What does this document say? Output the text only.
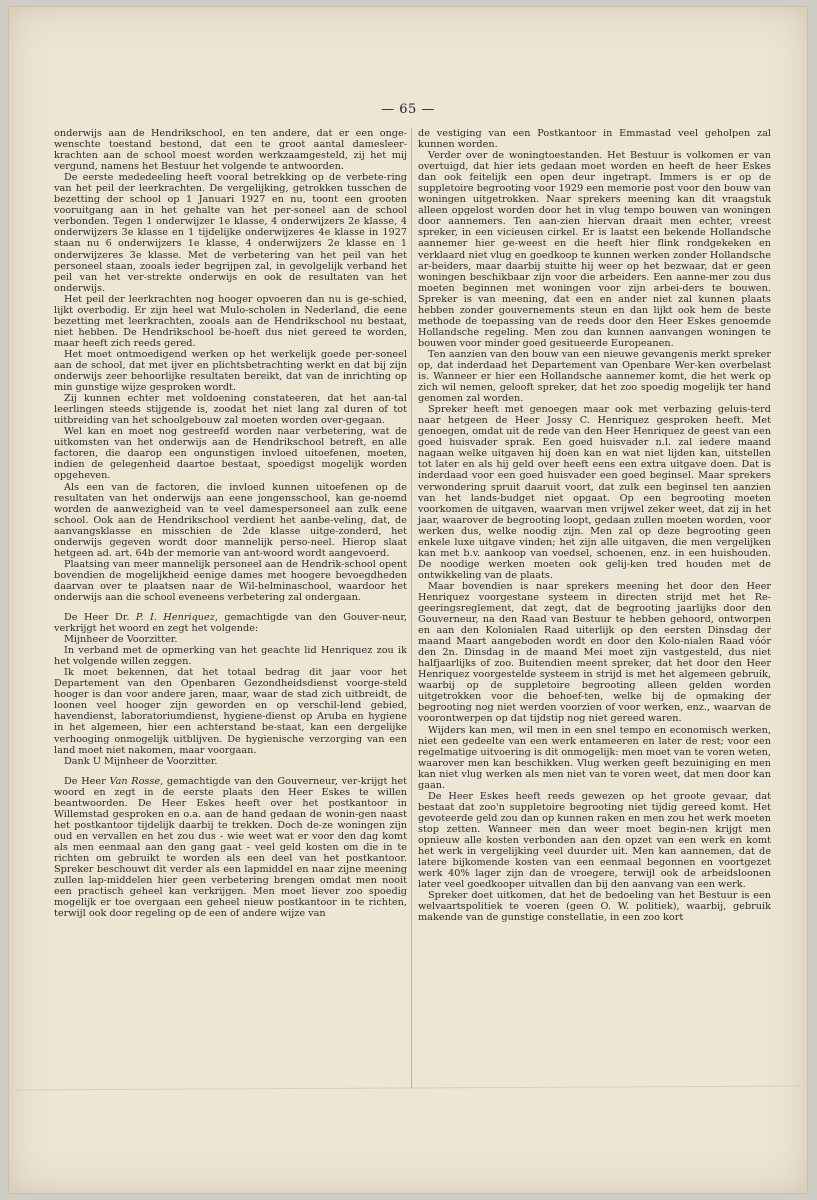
— 65 —

onderwijs aan de Hendrikschool, en ten andere, dat er een onge-wenschte toestand bestond, dat een te groot aantal damesleer-krachten aan de school moest worden werkzaamgesteld, zij het mij vergund, namens het Bestuur het volgende te antwoorden.

De eerste mededeeling heeft vooral betrekking op de verbete-ring van het peil der leerkrachten. De vergelijking, getrokken tusschen de bezetting der school op 1 Januari 1927 en nu, toont een grooten vooruitgang aan in het gehalte van het per-soneel aan de school verbonden. Tegen 1 onderwijzer 1e klasse, 4 onderwijzers 2e klasse, 4 onderwijzers 3e klasse en 1 tijdelijke onderwijzeres 4e klasse in 1927 staan nu 6 onderwijzers 1e klasse, 4 onderwijzers 2e klasse en 1 onderwijzeres 3e klasse. Met de verbetering van het peil van het personeel staan, zooals ieder begrijpen zal, in gevolgelijk verband het peil van het ver-strekte onderwijs en ook de resultaten van het onderwijs.

Het peil der leerkrachten nog hooger opvoeren dan nu is ge-schied, lijkt overbodig. Er zijn heel wat Mulo-scholen in Nederland, die eene bezetting met leerkrachten, zooals aan de Hendrikschool nu bestaat, niet hebben. De Hendrikschool be-hoeft dus niet gereed te worden, maar heeft zich reeds gered.

Het moet ontmoedigend werken op het werkelijk goede per-soneel aan de school, dat met ijver en plichtsbetrachting werkt en dat bij zijn onderwijs zeer behoorlijke resultaten bereikt, dat van de inrichting op min gunstige wijze gesproken wordt.

Zij kunnen echter met voldoening constateeren, dat het aan-tal leerlingen steeds stijgende is, zoodat het niet lang zal duren of tot uitbreiding van het schoolgebouw zal moeten worden over-gegaan.

Wel kan en moet nog gestreefd worden naar verbetering, wat de uitkomsten van het onderwijs aan de Hendrikschool betreft, en alle factoren, die daarop een ongunstigen invloed uitoefenen, moeten, indien de gelegenheid daartoe bestaat, spoedigst mogelijk worden opgeheven.

Als een van de factoren, die invloed kunnen uitoefenen op de resultaten van het onderwijs aan eene jongensschool, kan ge-noemd worden de aanwezigheid van te veel damespersoneel aan zulk eene school. Ook aan de Hendrikschool verdient het aanbe-veling, dat, de aanvangsklasse en misschien de 2de klasse uitge-zonderd, het onderwijs gegeven wordt door mannelijk perso-neel. Hierop slaat hetgeen ad. art. 64b der memorie van ant-woord wordt aangevoerd.

Plaatsing van meer mannelijk personeel aan de Hendrik-school opent bovendien de mogelijkheid eenige dames met hoogere bevoegdheden daarvan over te plaatsen naar de Wil-helminaschool, waardoor het onderwijs aan die school eveneens verbetering zal ondergaan.

De Heer Dr. P. I. Henriquez, gemachtigde van den Gouver-neur, verkrijgt het woord en zegt het volgende:

Mijnheer de Voorzitter.

In verband met de opmerking van het geachte lid Henriquez zou ik het volgende willen zeggen.

Ik moet bekennen, dat het totaal bedrag dit jaar voor het Departement van den Openbaren Gezondheidsdienst voorge-steld hooger is dan voor andere jaren, maar, waar de stad zich uitbreidt, de loonen veel hooger zijn geworden en op verschil-lend gebied, havendienst, laboratoriumdienst, hygiene-dienst op Aruba en hygiene in het algemeen, hier een achterstand be-staat, kan een dergelijke verhooging onmogelijk uitblijven. De hygienische verzorging van een land moet niet nakomen, maar voorgaan.

Dank U Mijnheer de Voorzitter.

De Heer Van Rosse, gemachtigde van den Gouverneur, ver-krijgt het woord en zegt in de eerste plaats den Heer Eskes te willen beantwoorden. De Heer Eskes heeft over het postkantoor in Willemstad gesproken en o.a. aan de hand gedaan de wonin-gen naast het postkantoor tijdelijk daarbij te trekken. Doch de-ze woningen zijn oud en vervallen en het zou dus - wie weet wat er voor den dag komt als men eenmaal aan den gang gaat - veel geld kosten om die in te richten om gebruikt te worden als een deel van het postkantoor. Spreker beschouwt dit verder als een lapmiddel en naar zijne meening zullen lap-middelen hier geen verbetering brengen omdat men nooit een practisch geheel kan verkrijgen. Men moet liever zoo spoedig mogelijk er toe overgaan een geheel nieuw postkantoor in te richten, terwijl ook door regeling op de een of andere wijze van

de vestiging van een Postkantoor in Emmastad veel geholpen zal kunnen worden.

Verder over de woningtoestanden. Het Bestuur is volkomen er van overtuigd, dat hier iets gedaan moet worden en heeft de heer Eskes dan ook feitelijk een open deur ingetrapt. Immers is er op de suppletoire begrooting voor 1929 een memorie post voor den bouw van woningen uitgetrokken. Naar sprekers meening kan dit vraagstuk alleen opgelost worden door het in vlug tempo bouwen van woningen door aannemers. Ten aan-zien hiervan draait men echter, vreest spreker, in een vicieusen cirkel. Er is laatst een bekende Hollandsche aannemer hier ge-weest en die heeft hier flink rondgekeken en verklaard niet vlug en goedkoop te kunnen werken zonder Hollandsche ar-beiders, maar daarbij stuitte hij weer op het bezwaar, dat er geen woningen beschikbaar zijn voor die arbeiders. Een aanne-mer zou dus moeten beginnen met woningen voor zijn arbei-ders te bouwen. Spreker is van meening, dat een en ander niet zal kunnen plaats hebben zonder gouvernements steun en dan lijkt ook hem de beste methode de toepassing van de reeds door den Heer Eskes genoemde Hollandsche regeling. Men zou dan kunnen aanvangen woningen te bouwen voor minder goed gesitueerde Europeanen.

Ten aanzien van den bouw van een nieuwe gevangenis merkt spreker op, dat inderdaad het Departement van Openbare Wer-ken overbelast is. Wanneer er hier een Hollandsche aannemer komt, die het werk op zich wil nemen, gelooft spreker, dat het zoo spoedig mogelijk ter hand genomen zal worden.

Spreker heeft met genoegen maar ook met verbazing geluis-terd naar hetgeen de Heer Jossy C. Henriquez gesproken heeft. Met genoegen, omdat uit de rede van den Heer Henriquez de geest van een goed huisvader sprak. Een goed huisvader n.l. zal iedere maand nagaan welke uitgaven hij doen kan en wat niet lijden kan, uitstellen tot later en als hij geld over heeft eens een extra uitgave doen. Dat is inderdaad voor een goed huisvader een goed beginsel. Maar sprekers verwondering spruit daaruit voort, dat zulk een beginsel ten aanzien van het lands-budget niet opgaat. Op een begrooting moeten voorkomen de uitgaven, waarvan men vrijwel zeker weet, dat zij in het jaar, waarover de begrooting loopt, gedaan zullen moeten worden, voor werken dus, welke noodig zijn. Men zal op deze begrooting geen enkele luxe uitgave vinden; het zijn alle uitgaven, die men vergelijken kan met b.v. aankoop van voedsel, schoenen, enz. in een huishouden. De noodige werken moeten ook gelij-ken tred houden met de ontwikkeling van de plaats.

Maar bovendien is naar sprekers meening het door den Heer Henriquez voorgestane systeem in directen strijd met het Re-geeringsreglement, dat zegt, dat de begrooting jaarlijks door den Gouverneur, na den Raad van Bestuur te hebben gehoord, ontworpen en aan den Kolonialen Raad uiterlijk op den eersten Dinsdag der maand Maart aangeboden wordt en door den Kolo-nialen Raad vóór den 2n. Dinsdag in de maand Mei moet zijn vastgesteld, dus niet halfjaarlijks of zoo. Buitendien meent spreker, dat het door den Heer Henriquez voorgestelde systeem in strijd is met het algemeen gebruik, waarbij op de suppletoire begrooting alleen gelden worden uitgetrokken voor die behoef-ten, welke bij de opmaking der begrooting nog niet werden voorzien of voor werken, enz., waarvan de voorontwerpen op dat tijdstip nog niet gereed waren.

Wijders kan men, wil men in een snel tempo en economisch werken, niet een gedeelte van een werk entameeren en later de rest; voor een regelmatige uitvoering is dit onmogelijk: men moet van te voren weten, waarover men kan beschikken. Vlug werken geeft bezuiniging en men kan niet vlug werken als men niet van te voren weet, dat men door kan gaan.

De Heer Eskes heeft reeds gewezen op het groote gevaar, dat bestaat dat zoo'n suppletoire begrooting niet tijdig gereed komt. Het gevoteerde geld zou dan op kunnen raken en men zou het werk moeten stop zetten. Wanneer men dan weer moet begin-nen krijgt men opnieuw alle kosten verbonden aan den opzet van een werk en komt het werk in vergelijking veel duurder uit. Men kan aannemen, dat de latere bijkomende kosten van een eenmaal begonnen en voortgezet werk 40% lager zijn dan de vroegere, terwijl ook de arbeidsloonen later veel goedkooper uitvallen dan bij den aanvang van een werk.

Spreker doet uitkomen, dat het de bedoeling van het Bestuur is een welvaartspolitiek te voeren (geen O. W. politiek), waarbij, gebruik makende van de gunstige constellatie, in een zoo kort
